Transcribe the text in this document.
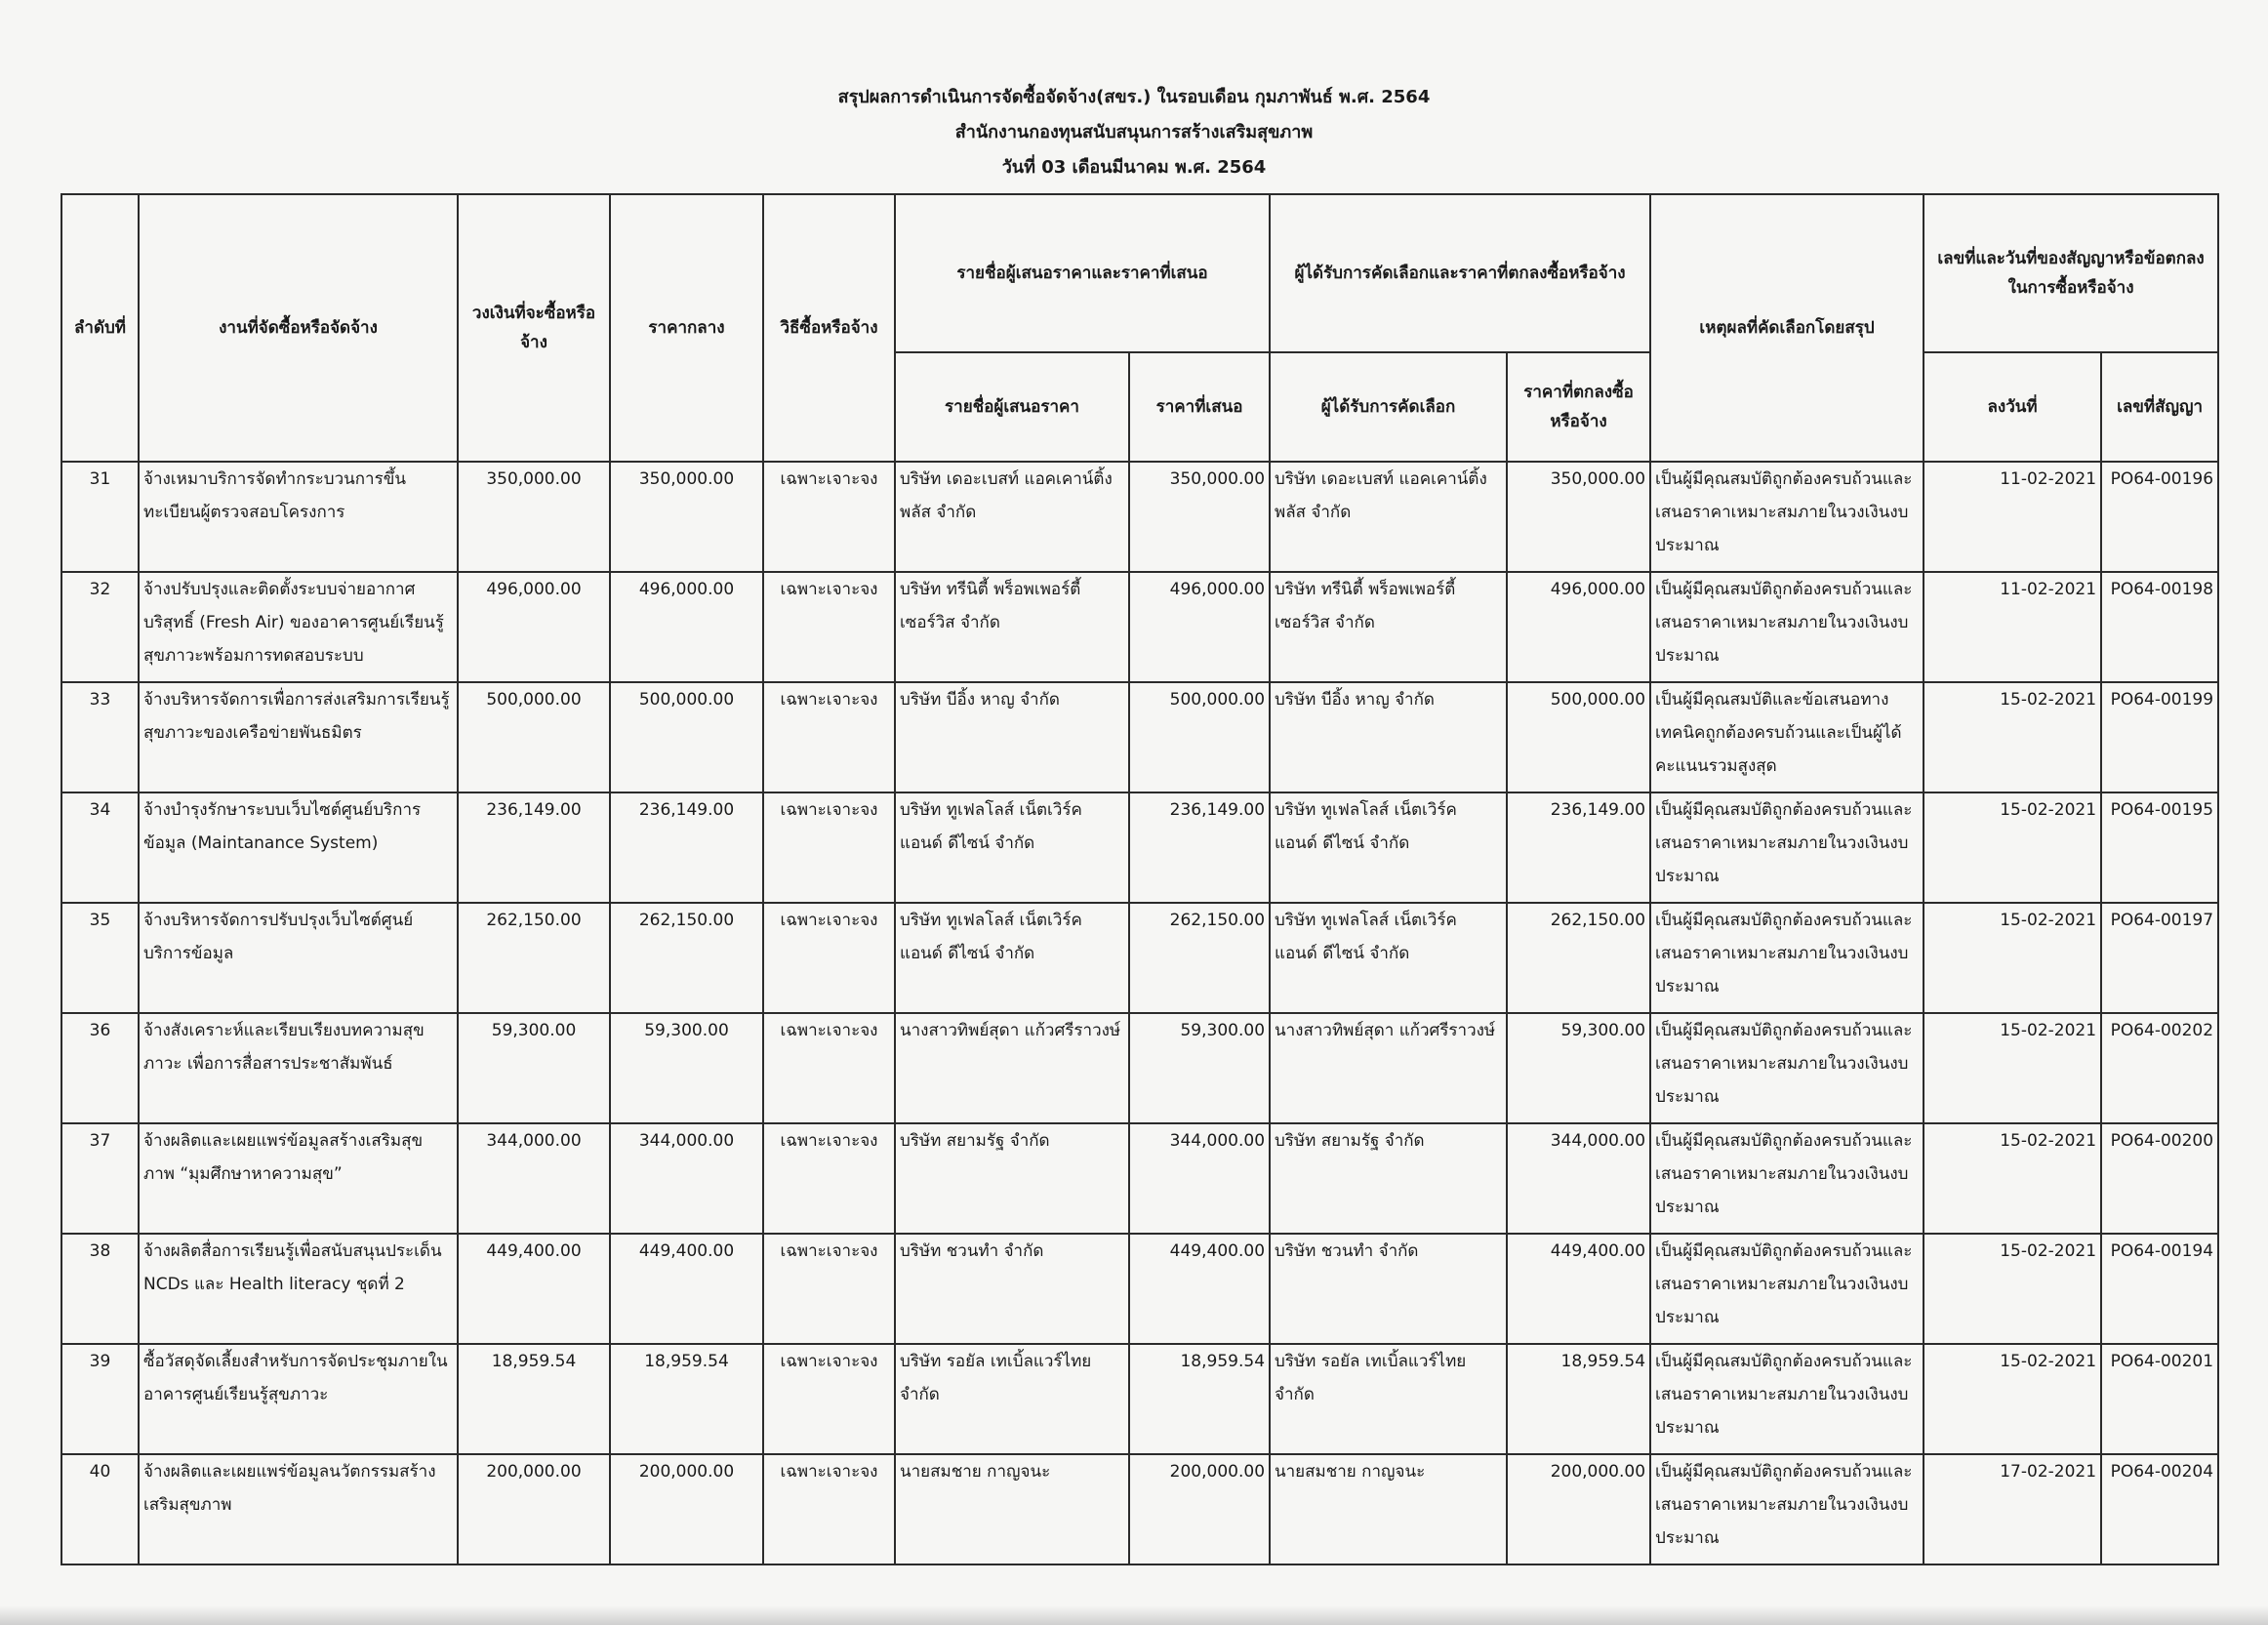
สรุปผลการดำเนินการจัดซื้อจัดจ้าง(สขร.) ในรอบเดือน กุมภาพันธ์ พ.ศ. 2564
สำนักงานกองทุนสนับสนุนการสร้างเสริมสุขภาพ
วันที่ 03 เดือนมีนาคม พ.ศ. 2564
ลำดับที่	งานที่จัดซื้อหรือจัดจ้าง	วงเงินที่จะซื้อหรือจ้าง	ราคากลาง	วิธีซื้อหรือจ้าง	รายชื่อผู้เสนอราคาและราคาที่เสนอ		ผู้ได้รับการคัดเลือกและราคาที่ตกลงซื้อหรือจ้าง		เหตุผลที่คัดเลือกโดยสรุป	เลขที่และวันที่ของสัญญาหรือข้อตกลงในการซื้อหรือจ้าง	
					รายชื่อผู้เสนอราคา	ราคาที่เสนอ	ผู้ได้รับการคัดเลือก	ราคาที่ตกลงซื้อหรือจ้าง		ลงวันที่	เลขที่สัญญา
31	จ้างเหมาบริการจัดทำกระบวนการขึ้นทะเบียนผู้ตรวจสอบโครงการ	350,000.00	350,000.00	เฉพาะเจาะจง	บริษัท เดอะเบสท์ แอคเคาน์ติ้ง พลัส จำกัด	350,000.00	บริษัท เดอะเบสท์ แอคเคาน์ติ้ง พลัส จำกัด	350,000.00	เป็นผู้มีคุณสมบัติถูกต้องครบถ้วนและเสนอราคาเหมาะสมภายในวงเงินงบประมาณ	11-02-2021	PO64-00196
32	จ้างปรับปรุงและติดตั้งระบบจ่ายอากาศบริสุทธิ์ (Fresh Air) ของอาคารศูนย์เรียนรู้สุขภาวะพร้อมการทดสอบระบบ	496,000.00	496,000.00	เฉพาะเจาะจง	บริษัท ทรีนิตี้ พร็อพเพอร์ตี้ เซอร์วิส จำกัด	496,000.00	บริษัท ทรีนิตี้ พร็อพเพอร์ตี้ เซอร์วิส จำกัด	496,000.00	เป็นผู้มีคุณสมบัติถูกต้องครบถ้วนและเสนอราคาเหมาะสมภายในวงเงินงบประมาณ	11-02-2021	PO64-00198
33	จ้างบริหารจัดการเพื่อการส่งเสริมการเรียนรู้สุขภาวะของเครือข่ายพันธมิตร	500,000.00	500,000.00	เฉพาะเจาะจง	บริษัท บีอิ้ง หาญ จำกัด	500,000.00	บริษัท บีอิ้ง หาญ จำกัด	500,000.00	เป็นผู้มีคุณสมบัติและข้อเสนอทางเทคนิคถูกต้องครบถ้วนและเป็นผู้ได้คะแนนรวมสูงสุด	15-02-2021	PO64-00199
34	จ้างบำรุงรักษาระบบเว็บไซต์ศูนย์บริการข้อมูล (Maintanance System)	236,149.00	236,149.00	เฉพาะเจาะจง	บริษัท ทูเฟลโลส์ เน็ตเวิร์ค แอนด์ ดีไซน์ จำกัด	236,149.00	บริษัท ทูเฟลโลส์ เน็ตเวิร์ค แอนด์ ดีไซน์ จำกัด	236,149.00	เป็นผู้มีคุณสมบัติถูกต้องครบถ้วนและเสนอราคาเหมาะสมภายในวงเงินงบประมาณ	15-02-2021	PO64-00195
35	จ้างบริหารจัดการปรับปรุงเว็บไซต์ศูนย์บริการข้อมูล	262,150.00	262,150.00	เฉพาะเจาะจง	บริษัท ทูเฟลโลส์ เน็ตเวิร์ค แอนด์ ดีไซน์ จำกัด	262,150.00	บริษัท ทูเฟลโลส์ เน็ตเวิร์ค แอนด์ ดีไซน์ จำกัด	262,150.00	เป็นผู้มีคุณสมบัติถูกต้องครบถ้วนและเสนอราคาเหมาะสมภายในวงเงินงบประมาณ	15-02-2021	PO64-00197
36	จ้างสังเคราะห์และเรียบเรียงบทความสุขภาวะ เพื่อการสื่อสารประชาสัมพันธ์	59,300.00	59,300.00	เฉพาะเจาะจง	นางสาวทิพย์สุดา แก้วศรีราวงษ์	59,300.00	นางสาวทิพย์สุดา แก้วศรีราวงษ์	59,300.00	เป็นผู้มีคุณสมบัติถูกต้องครบถ้วนและเสนอราคาเหมาะสมภายในวงเงินงบประมาณ	15-02-2021	PO64-00202
37	จ้างผลิตและเผยแพร่ข้อมูลสร้างเสริมสุขภาพ “มุมศึกษาหาความสุข”	344,000.00	344,000.00	เฉพาะเจาะจง	บริษัท สยามรัฐ จำกัด	344,000.00	บริษัท สยามรัฐ จำกัด	344,000.00	เป็นผู้มีคุณสมบัติถูกต้องครบถ้วนและเสนอราคาเหมาะสมภายในวงเงินงบประมาณ	15-02-2021	PO64-00200
38	จ้างผลิตสื่อการเรียนรู้เพื่อสนับสนุนประเด็น NCDs และ Health literacy ชุดที่ 2	449,400.00	449,400.00	เฉพาะเจาะจง	บริษัท ชวนทำ จำกัด	449,400.00	บริษัท ชวนทำ จำกัด	449,400.00	เป็นผู้มีคุณสมบัติถูกต้องครบถ้วนและเสนอราคาเหมาะสมภายในวงเงินงบประมาณ	15-02-2021	PO64-00194
39	ซื้อวัสดุจัดเลี้ยงสำหรับการจัดประชุมภายในอาคารศูนย์เรียนรู้สุขภาวะ	18,959.54	18,959.54	เฉพาะเจาะจง	บริษัท รอยัล เทเบิ้ลแวร์ไทย จำกัด	18,959.54	บริษัท รอยัล เทเบิ้ลแวร์ไทย จำกัด	18,959.54	เป็นผู้มีคุณสมบัติถูกต้องครบถ้วนและเสนอราคาเหมาะสมภายในวงเงินงบประมาณ	15-02-2021	PO64-00201
40	จ้างผลิตและเผยแพร่ข้อมูลนวัตกรรมสร้างเสริมสุขภาพ	200,000.00	200,000.00	เฉพาะเจาะจง	นายสมชาย กาญจนะ	200,000.00	นายสมชาย กาญจนะ	200,000.00	เป็นผู้มีคุณสมบัติถูกต้องครบถ้วนและเสนอราคาเหมาะสมภายในวงเงินงบประมาณ	17-02-2021	PO64-00204
